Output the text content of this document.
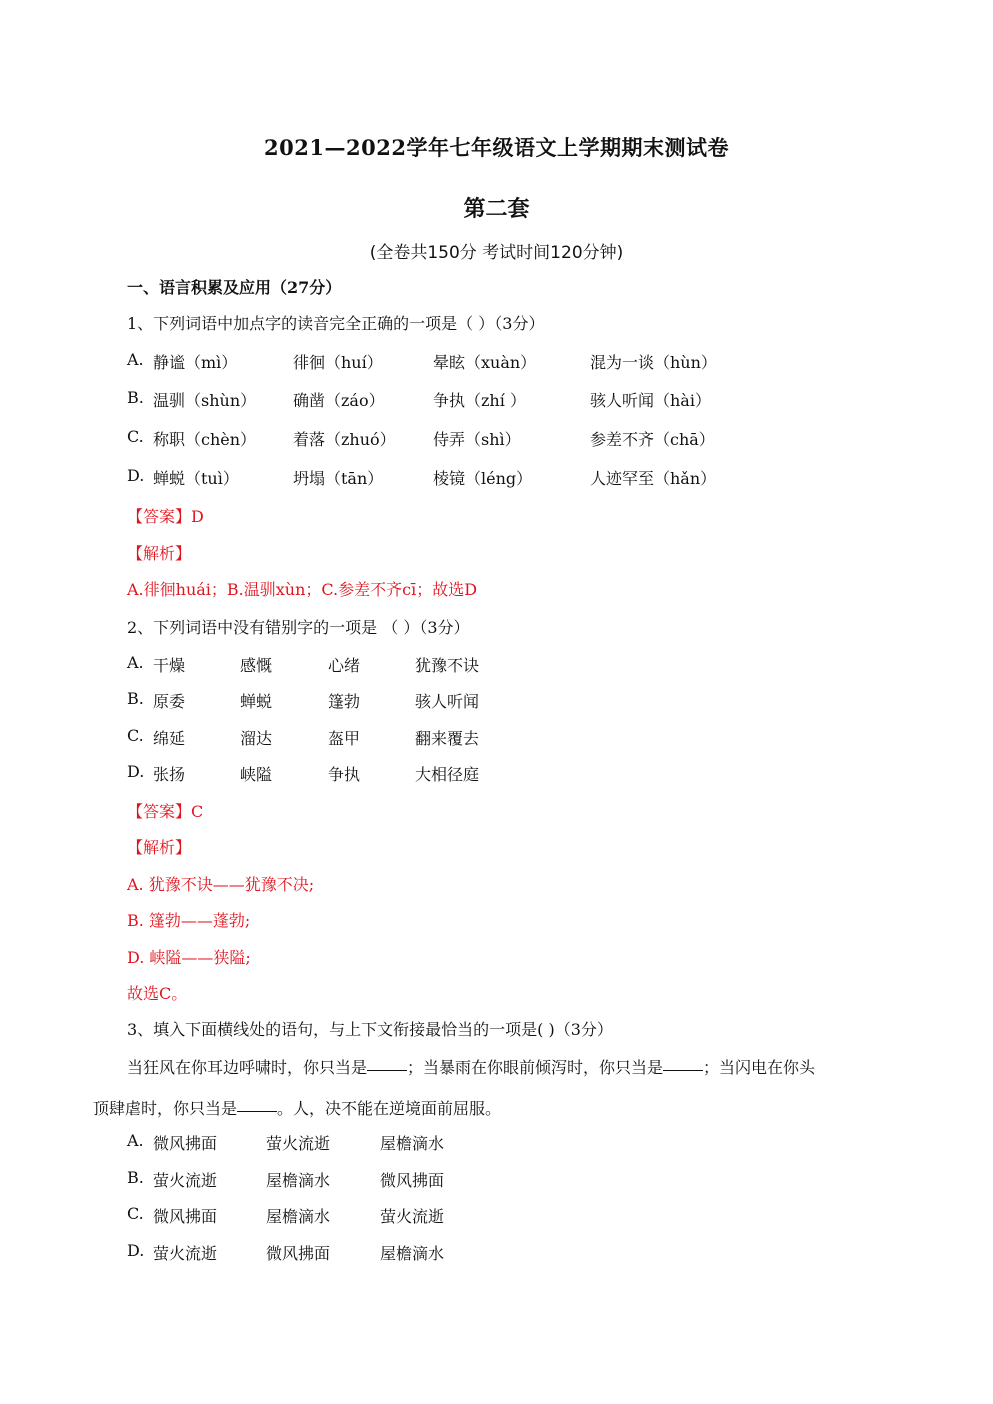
2021—2022学年七年级语文上学期期末测试卷
第二套
(全卷共150分 考试时间120分钟)
一、语言积累及应用（27分）
1、下列词语中加点字的读音完全正确的一项是（ ）（3分）
A. 静谧（mì）	徘徊（huí）	晕眩（xuàn）	混为一谈（hùn）
B. 温驯（shùn） 确凿（záo）	争执（zhí ）	骇人听闻（hài）
C. 称职（chèn） 着落（zhuó） 侍弄（shì）	参差不齐（chā）
D. 蝉蜕（tuì）	坍塌（tān）	棱镜（léng）	人迹罕至（hǎn）
【答案】D
【解析】
A.徘徊huái；B.温驯xùn；C.参差不齐cī；故选D
2、下列词语中没有错别字的一项是 （ ）（3分）
A. 干燥	感慨	心绪	犹豫不诀
B. 原委	蝉蜕	篷勃	骇人听闻
C. 绵延	溜达	盔甲	翻来覆去
D. 张扬	峡隘	争执	大相径庭
【答案】C
【解析】
A. 犹豫不诀——犹豫不决;
B. 篷勃——蓬勃;
D. 峡隘——狭隘;
故选C。
3、填入下面横线处的语句，与上下文衔接最恰当的一项是( )（3分）
当狂风在你耳边呼啸时，你只当是	；当暴雨在你眼前倾泻时，你只当是	；当闪电在你头
顶肆虐时，你只当是	。人，决不能在逆境面前屈服。
A. 微风拂面	萤火流逝	屋檐滴水
B. 萤火流逝	屋檐滴水	微风拂面
C. 微风拂面	屋檐滴水	萤火流逝
D. 萤火流逝	微风拂面	屋檐滴水
